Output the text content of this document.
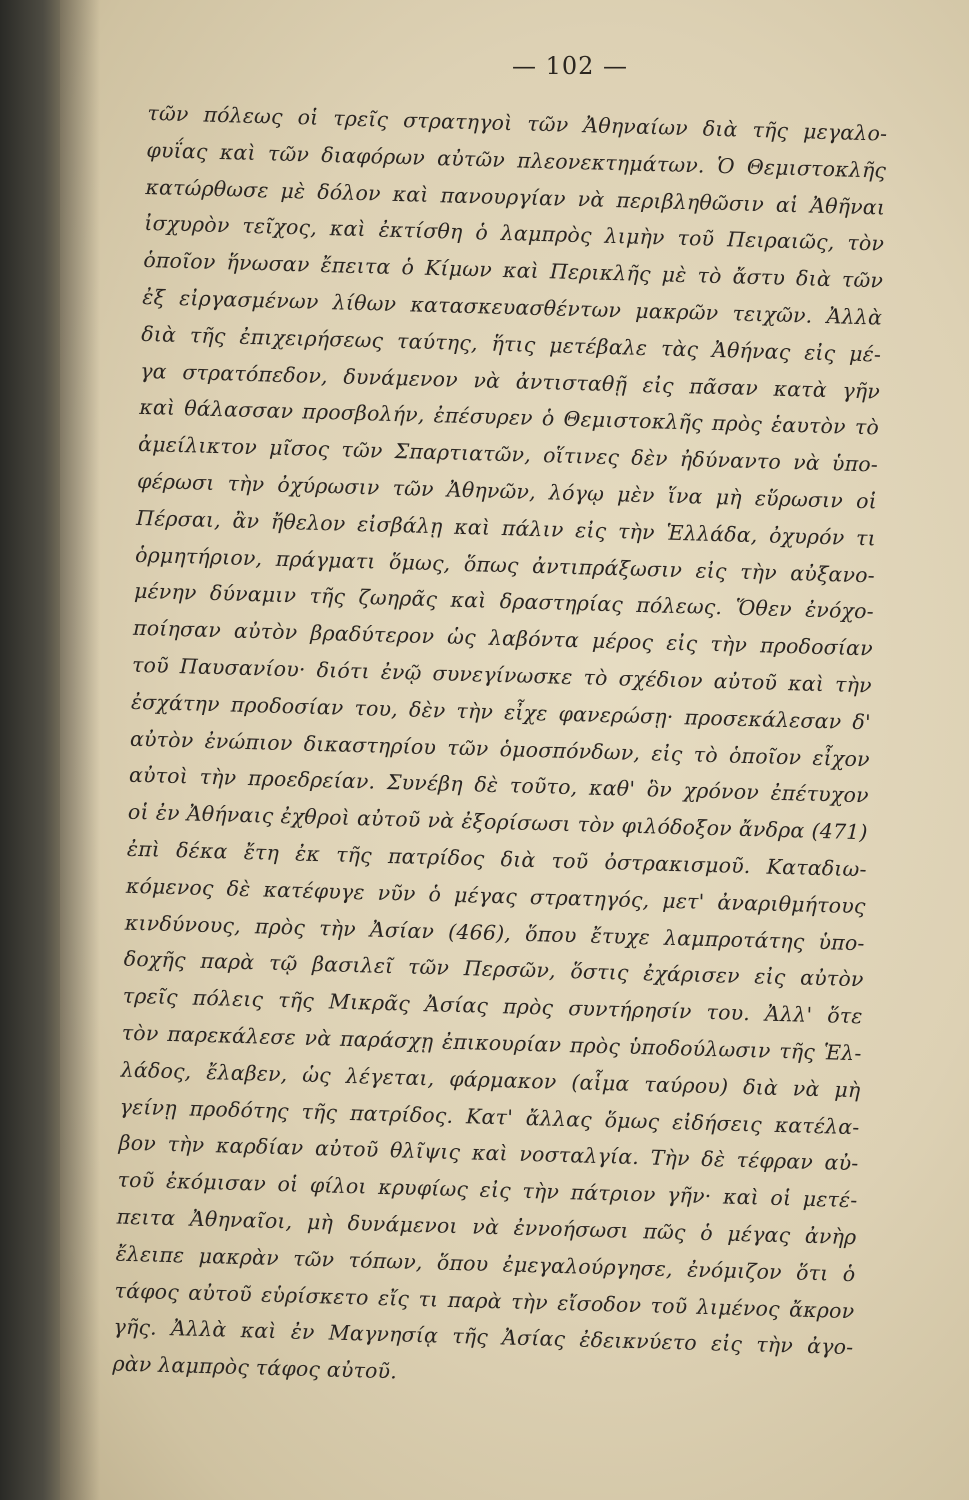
— 102 —
τῶν πόλεως οἱ τρεῖς στρατηγοὶ τῶν Ἀθηναίων διὰ τῆς μεγαλο-
φυΐας καὶ τῶν διαφόρων αὐτῶν πλεονεκτημάτων. Ὁ Θεμιστοκλῆς
κατώρθωσε μὲ δόλον καὶ πανουργίαν νὰ περιβληθῶσιν αἱ Ἀθῆναι
ἰσχυρὸν τεῖχος, καὶ ἐκτίσθη ὁ λαμπρὸς λιμὴν τοῦ Πειραιῶς, τὸν
ὁποῖον ἥνωσαν ἔπειτα ὁ Κίμων καὶ Περικλῆς μὲ τὸ ἄστυ διὰ τῶν
ἐξ εἰργασμένων λίθων κατασκευασθέντων μακρῶν τειχῶν. Ἀλλὰ
διὰ τῆς ἐπιχειρήσεως ταύτης, ἥτις μετέβαλε τὰς Ἀθήνας εἰς μέ-
γα στρατόπεδον, δυνάμενον νὰ ἀντισταθῇ εἰς πᾶσαν κατὰ γῆν
καὶ θάλασσαν προσβολήν, ἐπέσυρεν ὁ Θεμιστοκλῆς πρὸς ἑαυτὸν τὸ
ἀμείλικτον μῖσος τῶν Σπαρτιατῶν, οἵτινες δὲν ἠδύναντο νὰ ὑπο-
φέρωσι τὴν ὀχύρωσιν τῶν Ἀθηνῶν, λόγῳ μὲν ἵνα μὴ εὕρωσιν οἱ
Πέρσαι, ἂν ἤθελον εἰσβάλῃ καὶ πάλιν εἰς τὴν Ἑλλάδα, ὀχυρόν τι
ὁρμητήριον, πράγματι ὅμως, ὅπως ἀντιπράξωσιν εἰς τὴν αὐξανο-
μένην δύναμιν τῆς ζωηρᾶς καὶ δραστηρίας πόλεως. Ὅθεν ἐνόχο-
ποίησαν αὐτὸν βραδύτερον ὡς λαβόντα μέρος εἰς τὴν προδοσίαν
τοῦ Παυσανίου· διότι ἐνῷ συνεγίνωσκε τὸ σχέδιον αὐτοῦ καὶ τὴν
ἐσχάτην προδοσίαν του, δὲν τὴν εἶχε φανερώσῃ· προσεκάλεσαν δ'
αὐτὸν ἐνώπιον δικαστηρίου τῶν ὁμοσπόνδων, εἰς τὸ ὁποῖον εἶχον
αὐτοὶ τὴν προεδρείαν. Συνέβη δὲ τοῦτο, καθ' ὃν χρόνον ἐπέτυχον
οἱ ἐν Ἀθήναις ἐχθροὶ αὐτοῦ νὰ ἐξορίσωσι τὸν φιλόδοξον ἄνδρα (471)
ἐπὶ δέκα ἔτη ἐκ τῆς πατρίδος διὰ τοῦ ὀστρακισμοῦ. Καταδιω-
κόμενος δὲ κατέφυγε νῦν ὁ μέγας στρατηγός, μετ' ἀναριθμήτους
κινδύνους, πρὸς τὴν Ἀσίαν (466), ὅπου ἔτυχε λαμπροτάτης ὑπο-
δοχῆς παρὰ τῷ βασιλεῖ τῶν Περσῶν, ὅστις ἐχάρισεν εἰς αὐτὸν
τρεῖς πόλεις τῆς Μικρᾶς Ἀσίας πρὸς συντήρησίν του. Ἀλλ' ὅτε
τὸν παρεκάλεσε νὰ παράσχῃ ἐπικουρίαν πρὸς ὑποδούλωσιν τῆς Ἑλ-
λάδος, ἔλαβεν, ὡς λέγεται, φάρμακον (αἷμα ταύρου) διὰ νὰ μὴ
γείνῃ προδότης τῆς πατρίδος. Κατ' ἄλλας ὅμως εἰδήσεις κατέλα-
βον τὴν καρδίαν αὐτοῦ θλῖψις καὶ νοσταλγία. Τὴν δὲ τέφραν αὐ-
τοῦ ἐκόμισαν οἱ φίλοι κρυφίως εἰς τὴν πάτριον γῆν· καὶ οἱ μετέ-
πειτα Ἀθηναῖοι, μὴ δυνάμενοι νὰ ἐννοήσωσι πῶς ὁ μέγας ἀνὴρ
ἔλειπε μακρὰν τῶν τόπων, ὅπου ἐμεγαλούργησε, ἐνόμιζον ὅτι ὁ
τάφος αὐτοῦ εὑρίσκετο εἴς τι παρὰ τὴν εἴσοδον τοῦ λιμένος ἄκρον
γῆς. Ἀλλὰ καὶ ἐν Μαγνησίᾳ τῆς Ἀσίας ἐδεικνύετο εἰς τὴν ἀγο-
ρὰν λαμπρὸς τάφος αὐτοῦ.
